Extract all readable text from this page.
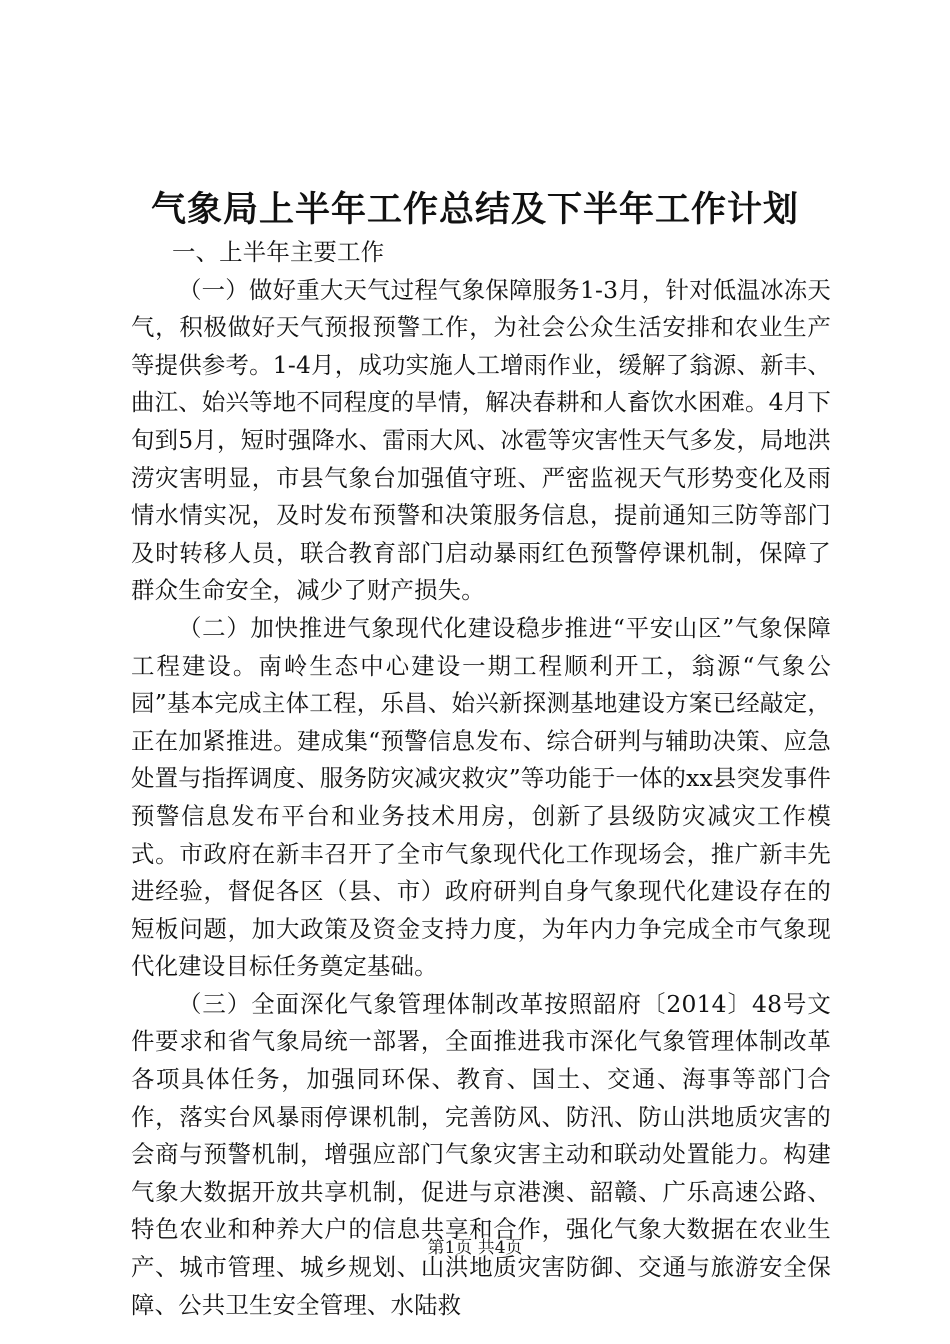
气象局上半年工作总结及下半年工作计划

一、上半年主要工作

（一）做好重大天气过程气象保障服务1-3月，针对低温冰冻天气，积极做好天气预报预警工作，为社会公众生活安排和农业生产等提供参考。1-4月，成功实施人工增雨作业，缓解了翁源、新丰、曲江、始兴等地不同程度的旱情，解决春耕和人畜饮水困难。4月下旬到5月，短时强降水、雷雨大风、冰雹等灾害性天气多发，局地洪涝灾害明显，市县气象台加强值守班、严密监视天气形势变化及雨情水情实况，及时发布预警和决策服务信息，提前通知三防等部门及时转移人员，联合教育部门启动暴雨红色预警停课机制，保障了群众生命安全，减少了财产损失。

（二）加快推进气象现代化建设稳步推进“平安山区”气象保障工程建设。南岭生态中心建设一期工程顺利开工，翁源“气象公园”基本完成主体工程，乐昌、始兴新探测基地建设方案已经敲定，正在加紧推进。建成集“预警信息发布、综合研判与辅助决策、应急处置与指挥调度、服务防灾减灾救灾”等功能于一体的xx县突发事件预警信息发布平台和业务技术用房，创新了县级防灾减灾工作模式。市政府在新丰召开了全市气象现代化工作现场会，推广新丰先进经验，督促各区（县、市）政府研判自身气象现代化建设存在的短板问题，加大政策及资金支持力度，为年内力争完成全市气象现代化建设目标任务奠定基础。

（三）全面深化气象管理体制改革按照韶府〔2014〕48号文件要求和省气象局统一部署，全面推进我市深化气象管理体制改革各项具体任务，加强同环保、教育、国土、交通、海事等部门合作，落实台风暴雨停课机制，完善防风、防汛、防山洪地质灾害的会商与预警机制，增强应部门气象灾害主动和联动处置能力。构建气象大数据开放共享机制，促进与京港澳、韶赣、广乐高速公路、特色农业和种养大户的信息共享和合作，强化气象大数据在农业生产、城市管理、城乡规划、山洪地质灾害防御、交通与旅游安全保障、公共卫生安全管理、水陆救

第1页 共4页
